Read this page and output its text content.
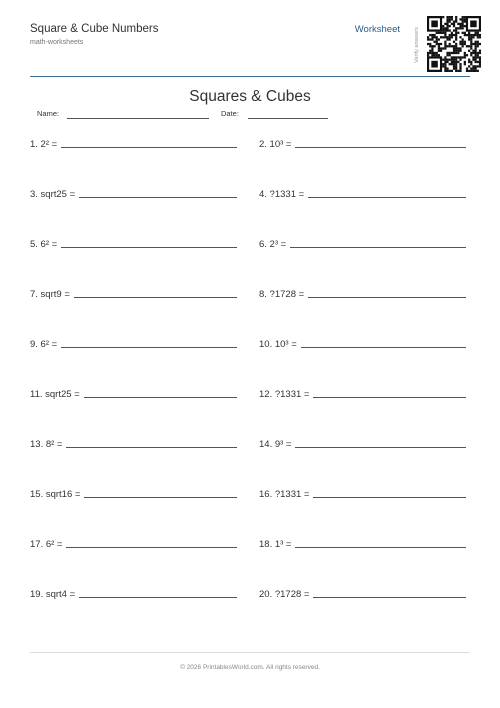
Square & Cube Numbers
math-worksheets
Worksheet	Verify answers
Squares & Cubes
Name:	Date:
1. 2² =	2. 10³ =
3. sqrt25 =	4. ?1331 =
5. 6² =	6. 2³ =
7. sqrt9 =	8. ?1728 =
9. 6² =	10. 10³ =
11. sqrt25 =	12. ?1331 =
13. 8² =	14. 9³ =
15. sqrt16 =	16. ?1331 =
17. 6² =	18. 1³ =
19. sqrt4 =	20. ?1728 =
© 2026 PrintablesWorld.com. All rights reserved.
